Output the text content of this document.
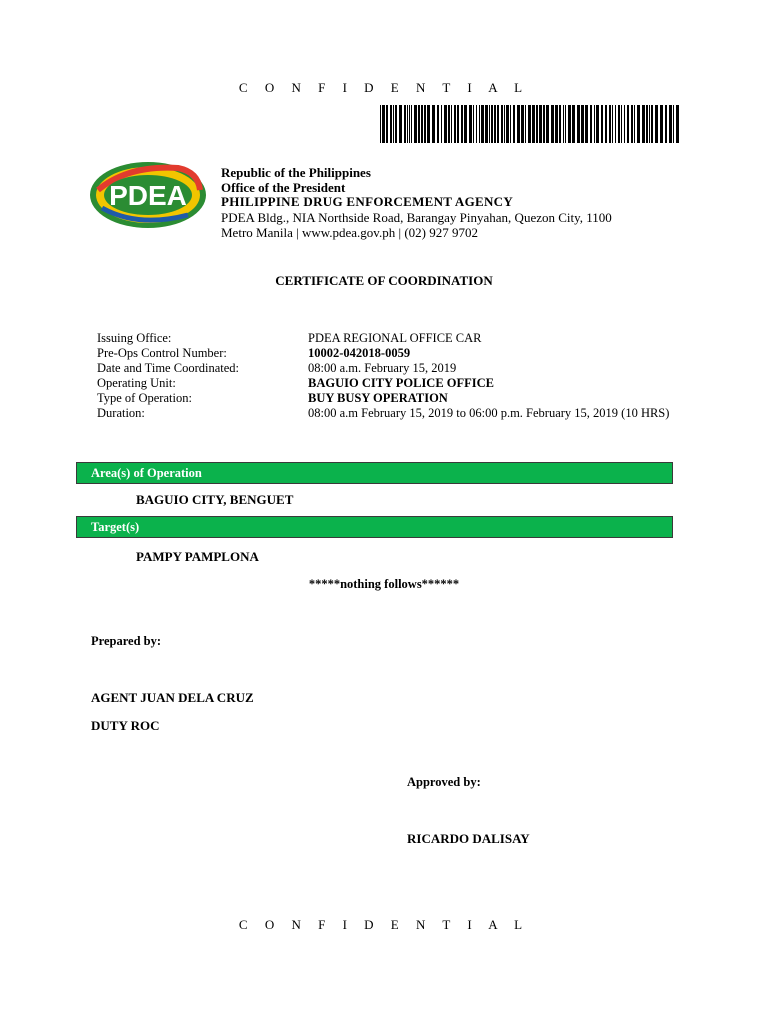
C O N F I D E N T I A L
PDEA
Republic of the Philippines
Office of the President
PHILIPPINE DRUG ENFORCEMENT AGENCY
PDEA Bldg., NIA Northside Road, Barangay Pinyahan, Quezon City, 1100
Metro Manila | www.pdea.gov.ph | (02) 927 9702
CERTIFICATE OF COORDINATION
Issuing Office:	PDEA REGIONAL OFFICE CAR
Pre-Ops Control Number:	10002-042018-0059
Date and Time Coordinated:	08:00 a.m. February 15, 2019
Operating Unit:	BAGUIO CITY POLICE OFFICE
Type of Operation:	BUY BUSY OPERATION
Duration:	08:00 a.m February 15, 2019 to 06:00 p.m. February 15, 2019 (10 HRS)
Area(s) of Operation
BAGUIO CITY, BENGUET
Target(s)
PAMPY PAMPLONA
*****nothing follows******
Prepared by:
AGENT JUAN DELA CRUZ
DUTY ROC
Approved by:
RICARDO DALISAY
C O N F I D E N T I A L
